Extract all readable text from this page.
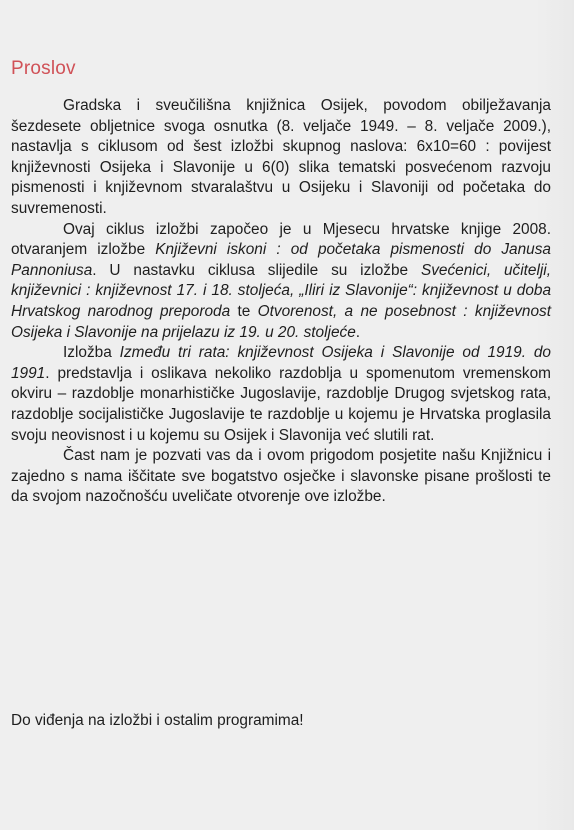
Proslov

Gradska i sveučilišna knjižnica Osijek, povodom obilježavanja šezdesete obljetnice svoga osnutka (8. veljače 1949. – 8. veljače 2009.), nastavlja s ciklusom od šest izložbi skupnog naslova: 6x10=60 : povijest književnosti Osijeka i Slavonije u 6(0) slika tematski posvećenom razvoju pismenosti i književnom stvaralaštvu u Osijeku i Slavoniji od početaka do suvremenosti.

Ovaj ciklus izložbi započeo je u Mjesecu hrvatske knjige 2008. otvaranjem izložbe Književni iskoni : od početaka pismenosti do Janusa Pannoniusa. U nastavku ciklusa slijedile su izložbe Svećenici, učitelji, književnici : književnost 17. i 18. stoljeća, „Iliri iz Slavonije“: književnost u doba Hrvatskog narodnog preporoda te Otvorenost, a ne posebnost : književnost Osijeka i Slavonije na prijelazu iz 19. u 20. stoljeće.

Izložba Između tri rata: književnost Osijeka i Slavonije od 1919. do 1991. predstavlja i oslikava nekoliko razdoblja u spomenutom vremenskom okviru – razdoblje monarhističke Jugoslavije, razdoblje Drugog svjetskog rata, razdoblje socijalističke Jugoslavije te razdoblje u kojemu je Hrvatska proglasila svoju neovisnost i u kojemu su Osijek i Slavonija već slutili rat.

Čast nam je pozvati vas da i ovom prigodom posjetite našu Knjižnicu i zajedno s nama iščitate sve bogatstvo osječke i slavonske pisane prošlosti te da svojom nazočnošću uveličate otvorenje ove izložbe.

Do viđenja na izložbi i ostalim programima!
